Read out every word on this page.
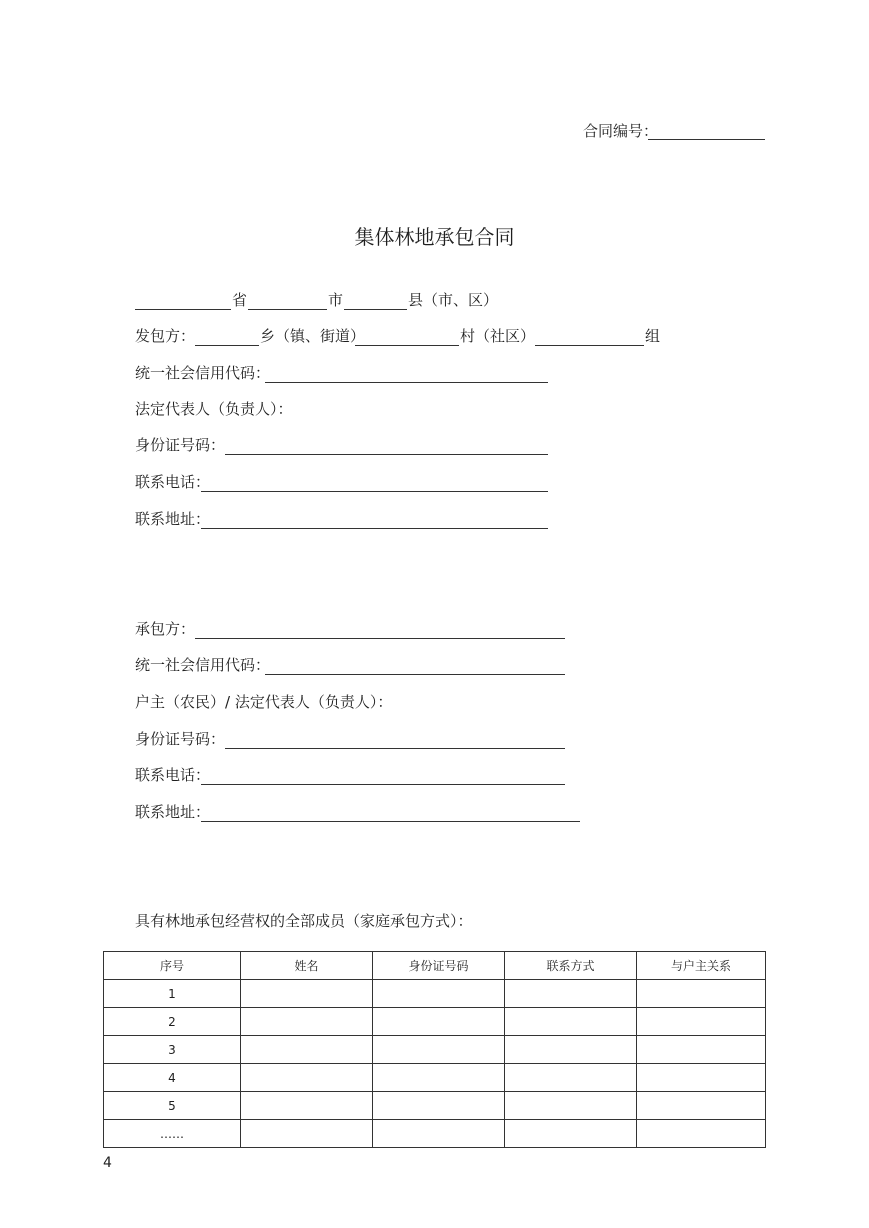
合同编号：
集体林地承包合同
省	市	县（市、区）
发包方：	乡（镇、街道）	村（社区）	组
统一社会信用代码：
法定代表人（负责人）：
身份证号码：
联系电话：
联系地址：
承包方：
统一社会信用代码：
户主（农民）/ 法定代表人（负责人）：
身份证号码：
联系电话：
联系地址：
具有林地承包经营权的全部成员（家庭承包方式）：
序号	姓名	身份证号码	联系方式	与户主关系
1				
2				
3				
4				
5				
……				
4
